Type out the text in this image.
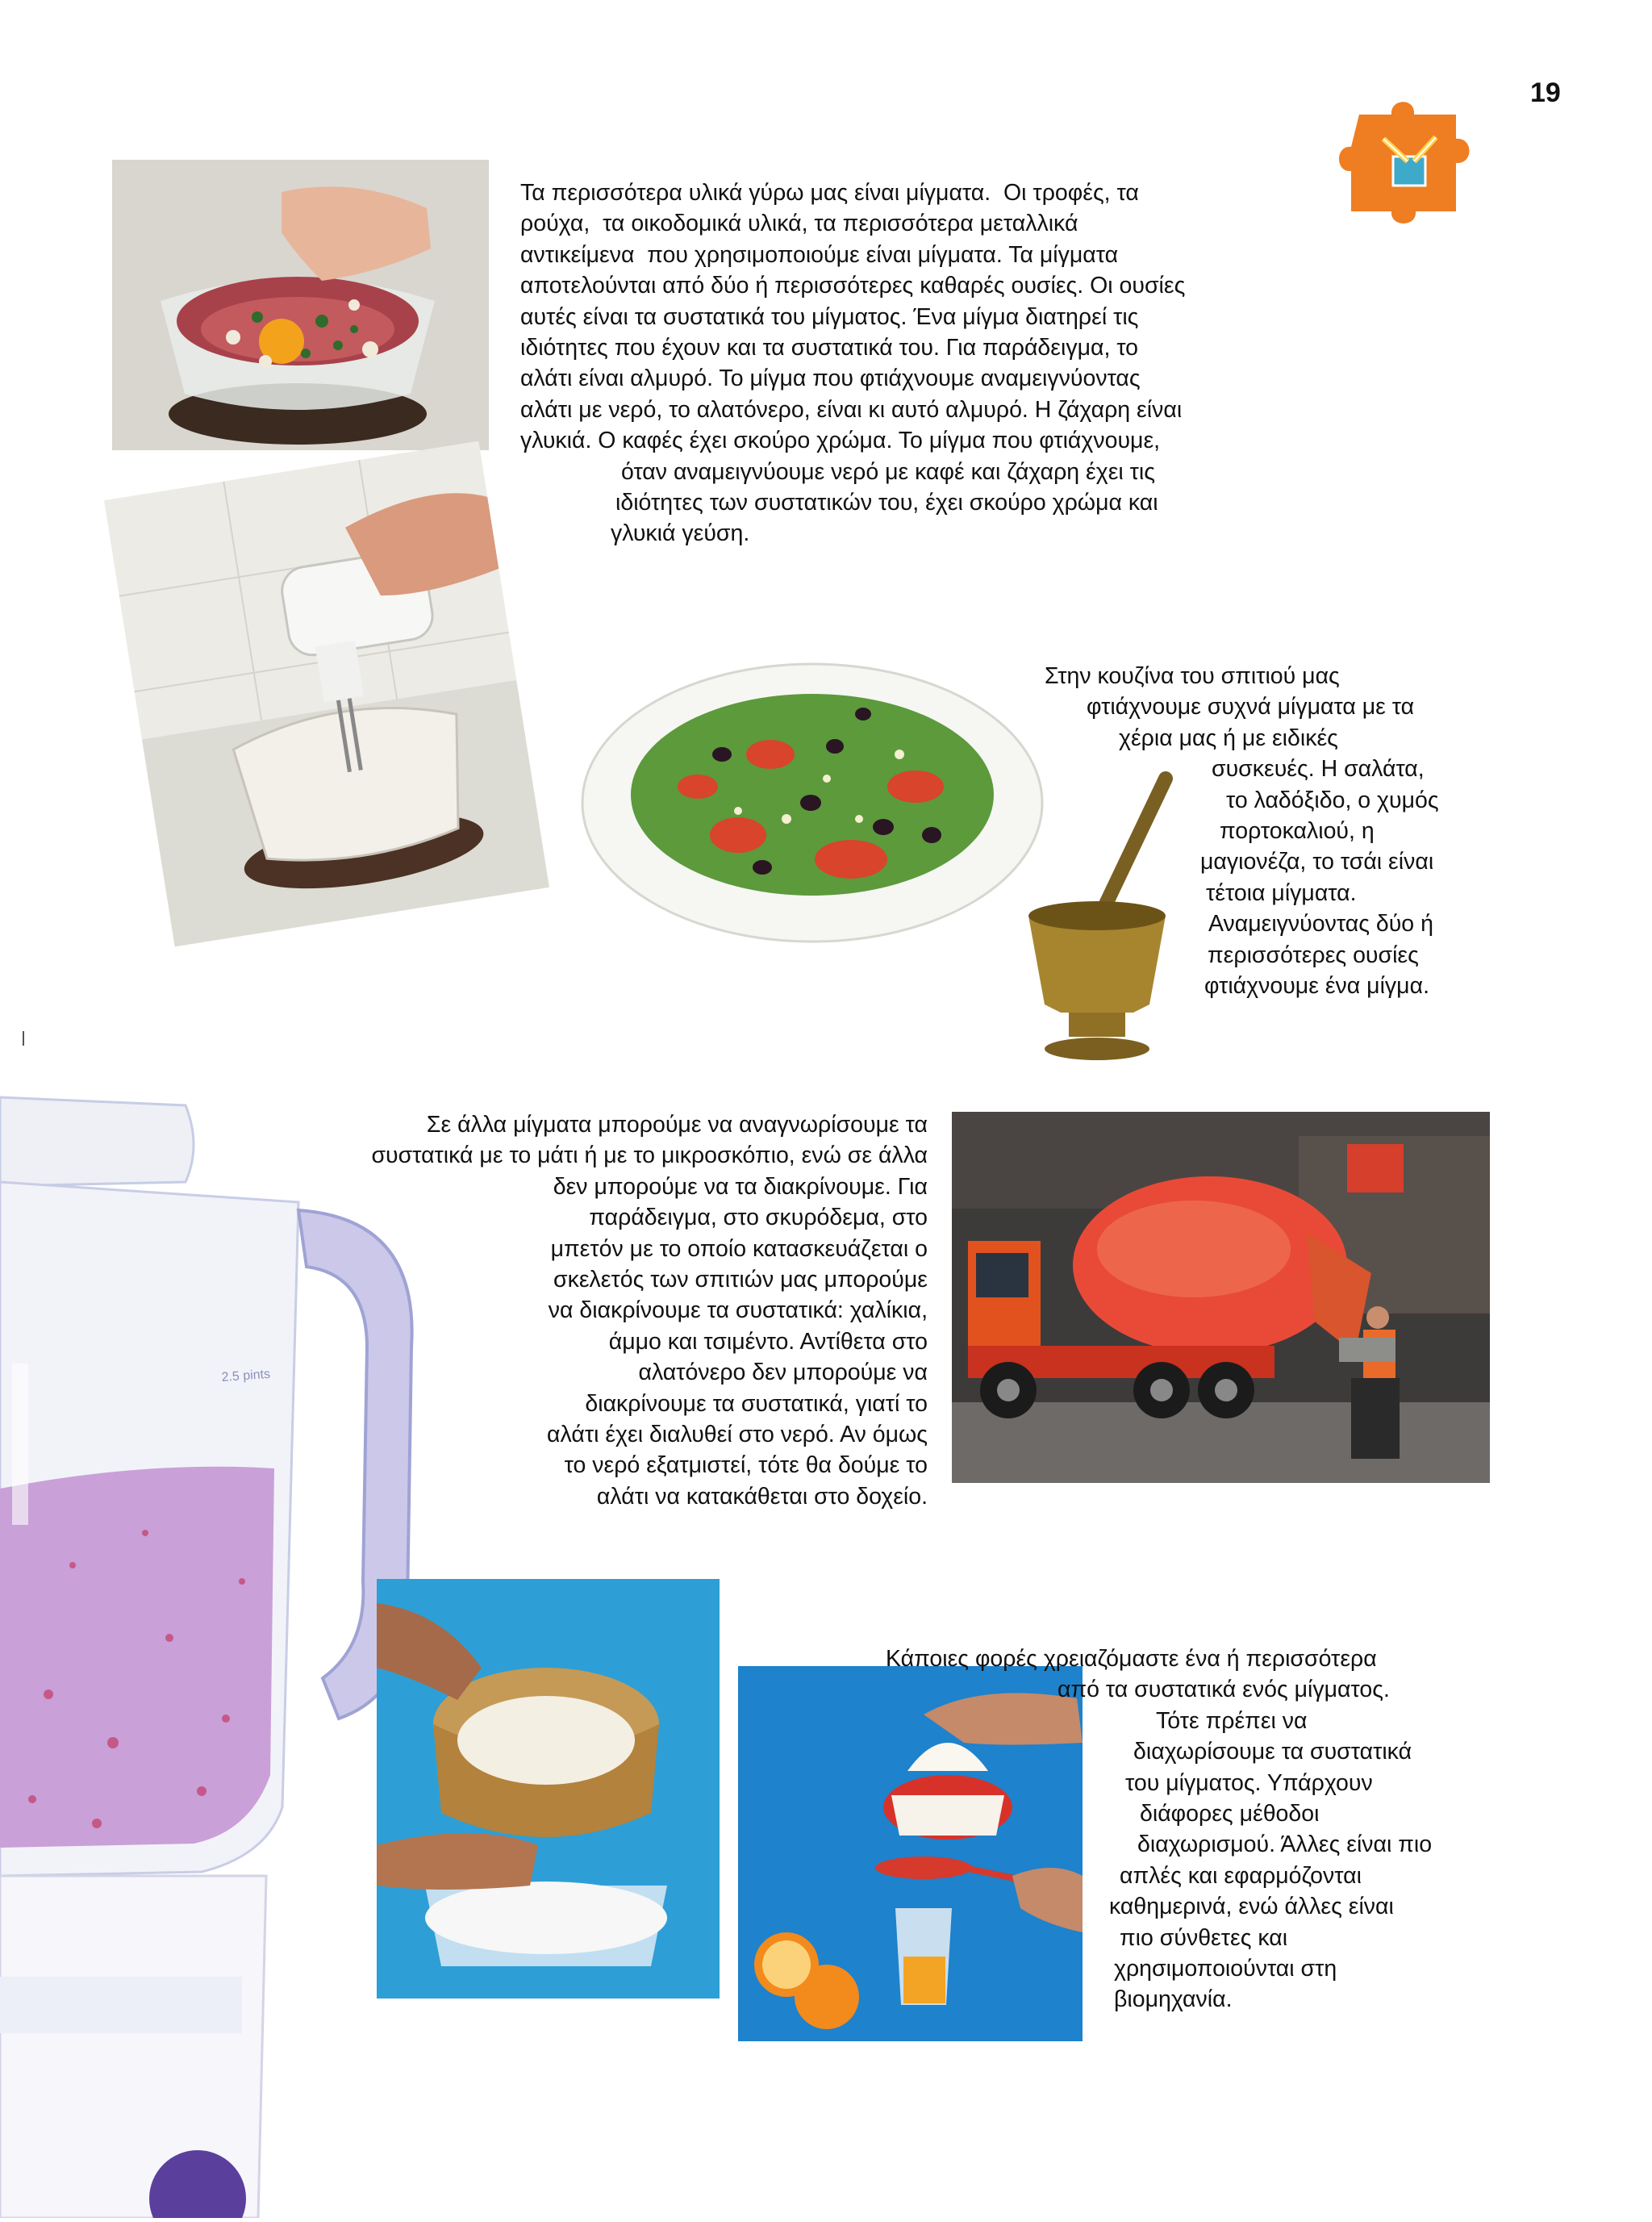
19
Τα περισσότερα υλικά γύρω μας είναι μίγματα.  Οι τροφές, τα
ρούχα,  τα οικοδομικά υλικά, τα περισσότερα μεταλλικά
αντικείμενα  που χρησιμοποιούμε είναι μίγματα. Τα μίγματα
αποτελούνται από δύο ή περισσότερες καθαρές ουσίες. Οι ουσίες
αυτές είναι τα συστατικά του μίγματος. Ένα μίγμα διατηρεί τις
ιδιότητες που έχουν και τα συστατικά του. Για παράδειγμα, το
αλάτι είναι αλμυρό. Το μίγμα που φτιάχνουμε αναμειγνύοντας
αλάτι με νερό, το αλατόνερο, είναι κι αυτό αλμυρό. Η ζάχαρη είναι
γλυκιά. Ο καφές έχει σκούρο χρώμα. Το μίγμα που φτιάχνουμε,
όταν αναμειγνύουμε νερό με καφέ και ζάχαρη έχει τις
ιδιότητες των συστατικών του, έχει σκούρο χρώμα και
γλυκιά γεύση.
Στην κουζίνα του σπιτιού μας
φτιάχνουμε συχνά μίγματα με τα
χέρια μας ή με ειδικές
συσκευές. Η σαλάτα,
το λαδόξιδο, ο χυμός
πορτοκαλιού, η
μαγιονέζα, το τσάι είναι
τέτοια μίγματα.
Αναμειγνύοντας δύο ή
περισσότερες ουσίες
φτιάχνουμε ένα μίγμα.
2.5 pints
Σε άλλα μίγματα μπορούμε να αναγνωρίσουμε τα
συστατικά με το μάτι ή με το μικροσκόπιο, ενώ σε άλλα
δεν μπορούμε να τα διακρίνουμε. Για
παράδειγμα, στο σκυρόδεμα, στο
μπετόν με το οποίο κατασκευάζεται ο
σκελετός των σπιτιών μας μπορούμε
να διακρίνουμε τα συστατικά: χαλίκια,
άμμο και τσιμέντο. Αντίθετα στο
αλατόνερο δεν μπορούμε να
διακρίνουμε τα συστατικά, γιατί το
αλάτι έχει διαλυθεί στο νερό. Αν όμως
το νερό εξατμιστεί, τότε θα δούμε το
αλάτι να κατακάθεται στο δοχείο.
Κάποιες φορές χρειαζόμαστε ένα ή περισσότερα
από τα συστατικά ενός μίγματος.
Τότε πρέπει να
διαχωρίσουμε τα συστατικά
του μίγματος. Υπάρχουν
διάφορες μέθοδοι
διαχωρισμού. Άλλες είναι πιο
απλές και εφαρμόζονται
καθημερινά, ενώ άλλες είναι
πιο σύνθετες και
χρησιμοποιούνται στη
βιομηχανία.
